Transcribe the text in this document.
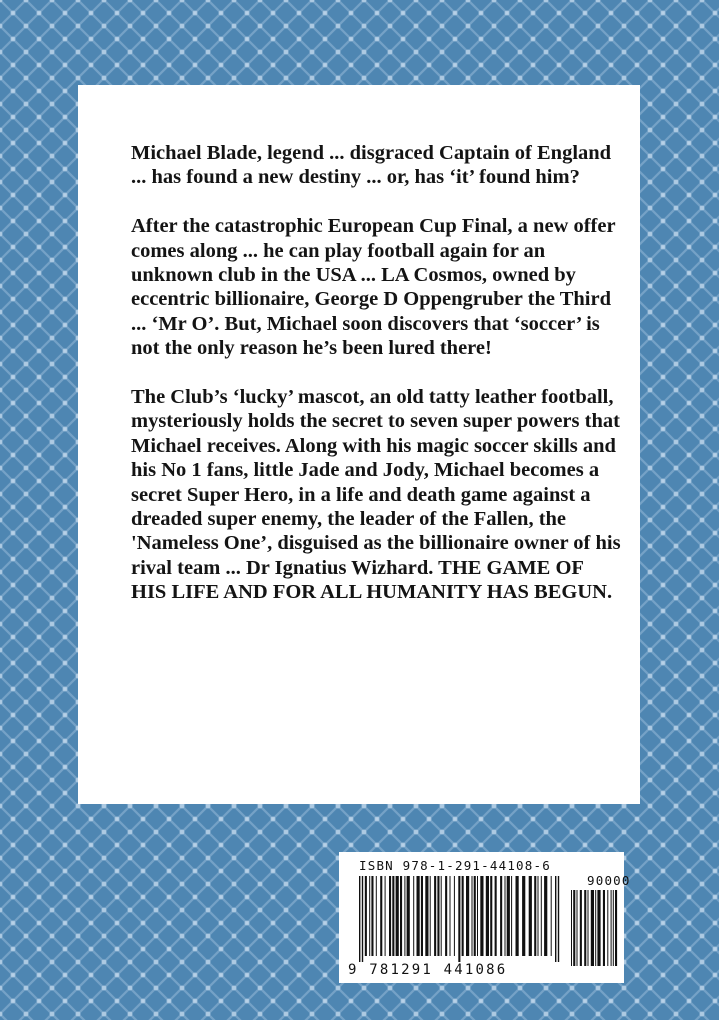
Michael Blade, legend ... disgraced Captain of England ... has found a new destiny ... or, has ‘it’ found him?

After the catastrophic European Cup Final, a new offer comes along ... he can play football again for an unknown club in the USA ... LA Cosmos, owned by eccentric billionaire, George D Oppengruber the Third ... ‘Mr O’. But, Michael soon discovers that ‘soccer’ is not the only reason he’s been lured there!

The Club’s ‘lucky’ mascot, an old tatty leather football, mysteriously holds the secret to seven super powers that Michael receives. Along with his magic soccer skills and his No 1 fans, little Jade and Jody, Michael becomes a secret Super Hero, in a life and death game against a dreaded super enemy, the leader of the Fallen, the 'Nameless One’, disguised as the billionaire owner of his rival team ... Dr Ignatius Wizhard. THE GAME OF HIS LIFE AND FOR ALL HUMANITY HAS BEGUN.

ISBN 978-1-291-44108-6
90000
9 781291 441086
